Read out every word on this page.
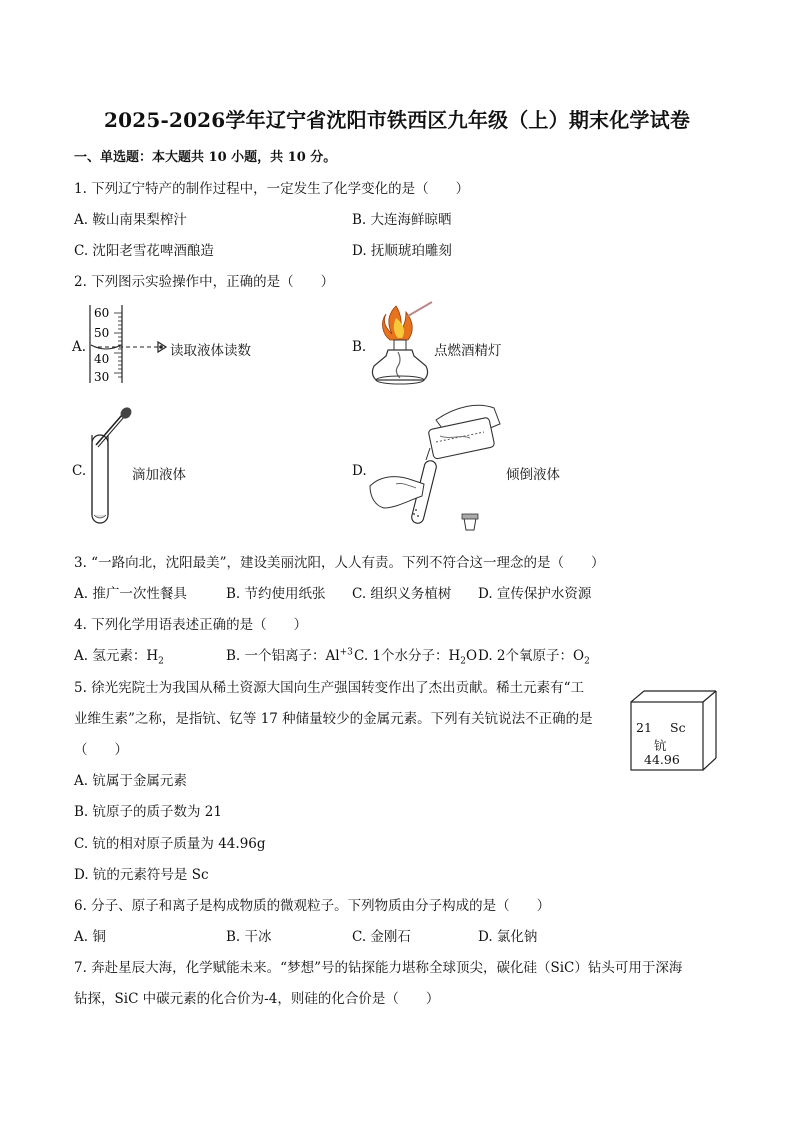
2025-2026学年辽宁省沈阳市铁西区九年级（上）期末化学试卷
一、单选题：本大题共 10 小题，共 10 分。
1. 下列辽宁特产的制作过程中，一定发生了化学变化的是（　　）
A. 鞍山南果梨榨汁	B. 大连海鲜晾晒
C. 沈阳老雪花啤酒酿造	D. 抚顺琥珀雕刻
2. 下列图示实验操作中，正确的是（　　）
A.
60
50
40
30
读取液体读数	B.	点燃酒精灯
C.	滴加液体	D.	倾倒液体
3. “一路向北，沈阳最美”，建设美丽沈阳，人人有责。下列不符合这一理念的是（　　）
A. 推广一次性餐具	B. 节约使用纸张 C. 组织义务植树 D. 宣传保护水资源
4. 下列化学用语表述正确的是（　　）
A. 氢元素：$H_2$	B. 一个铝离子：$Al^{+3}$ C. 1个水分子：$H_2O$ D. 2个氧原子：$O_2$
5. 徐光宪院士为我国从稀土资源大国向生产强国转变作出了杰出贡献。稀土元素有“工
业维生素”之称，是指钪、钇等 17 种储量较少的金属元素。下列有关钪说法不正确的是
（　　）
A. 钪属于金属元素
B. 钪原子的质子数为 21
C. 钪的相对原子质量为 44.96g
D. 钪的元素符号是 Sc
21 Sc
钪
44.96
6. 分子、原子和离子是构成物质的微观粒子。下列物质由分子构成的是（　　）
A. 铜	B. 干冰	C. 金刚石	D. 氯化钠
7. 奔赴星辰大海，化学赋能未来。“梦想”号的钻探能力堪称全球顶尖，碳化硅（SiC）钻头可用于深海
钻探，SiC 中碳元素的化合价为-4，则硅的化合价是（　　）
